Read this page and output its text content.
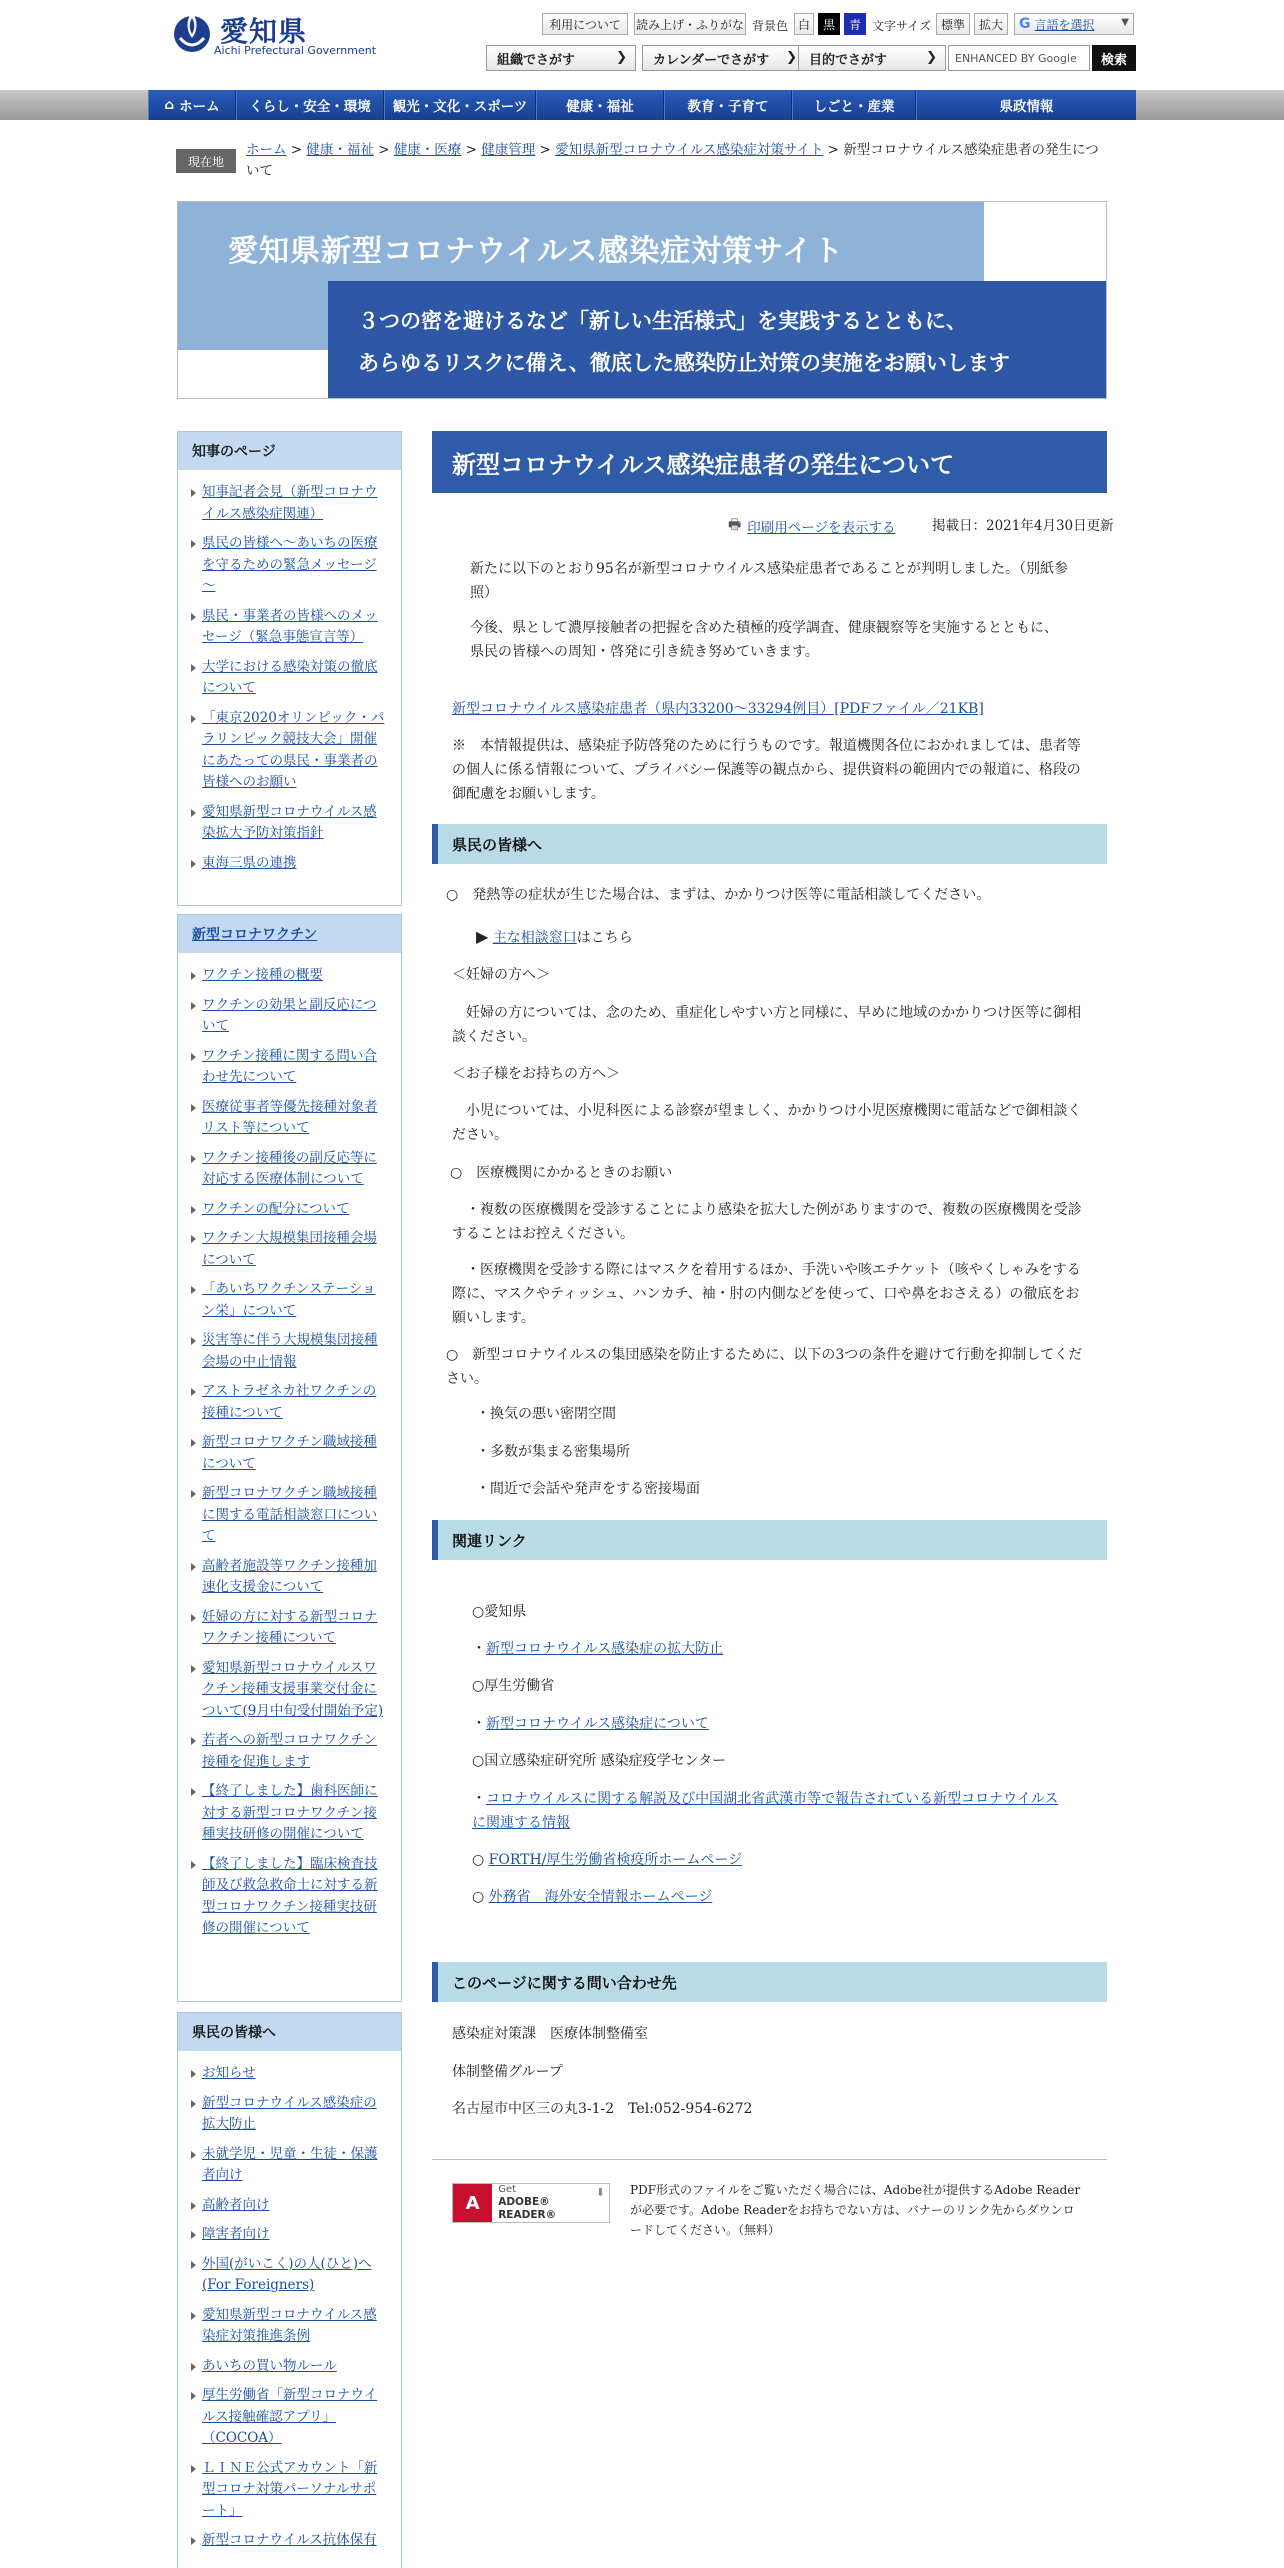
愛知県
Aichi Prefectural Government
利用について	読み上げ・ふりがな 背景色 白	黒	青 文字サイズ 標準	拡大	G 言語を選択	▼
組織でさがす	❯ カレンダーでさがす ❯ 目的でさがす	❯	ENHANCED BY Google	検索
⌂ ホーム	くらし・安全・環境	観光・文化・スポーツ	健康・福祉	教育・子育て	しごと・産業	県政情報
現在地
ホーム > 健康・福祉 > 健康・医療 > 健康管理 > 愛知県新型コロナウイルス感染症対策サイト > 新型コロナウイルス感染症患者の発生について
愛知県新型コロナウイルス感染症対策サイト
３つの密を避けるなど「新しい生活様式」を実践するとともに、
あらゆるリスクに備え、徹底した感染防止対策の実施をお願いします
知事のページ
知事記者会見（新型コロナウイルス感染症関連）
県民の皆様へ～あいちの医療を守るための緊急メッセージ～
県民・事業者の皆様へのメッセージ（緊急事態宣言等）
大学における感染対策の徹底について
「東京2020オリンピック・パラリンピック競技大会」開催にあたっての県民・事業者の皆様へのお願い
愛知県新型コロナウイルス感染拡大予防対策指針
東海三県の連携
新型コロナワクチン
ワクチン接種の概要
ワクチンの効果と副反応について
ワクチン接種に関する問い合わせ先について
医療従事者等優先接種対象者リスト等について
ワクチン接種後の副反応等に対応する医療体制について
ワクチンの配分について
ワクチン大規模集団接種会場について
「あいちワクチンステーション栄」について
災害等に伴う大規模集団接種会場の中止情報
アストラゼネカ社ワクチンの接種について
新型コロナワクチン職域接種について
新型コロナワクチン職域接種に関する電話相談窓口について
高齢者施設等ワクチン接種加速化支援金について
妊婦の方に対する新型コロナワクチン接種について
愛知県新型コロナウイルスワクチン接種支援事業交付金について(9月中旬受付開始予定)
若者への新型コロナワクチン接種を促進します
【終了しました】歯科医師に対する新型コロナワクチン接種実技研修の開催について
【終了しました】臨床検査技師及び救急救命士に対する新型コロナワクチン接種実技研修の開催について
県民の皆様へ
お知らせ
新型コロナウイルス感染症の拡大防止
未就学児・児童・生徒・保護者向け
高齢者向け
障害者向け
外国(がいこく)の人(ひと)へ(For Foreigners)
愛知県新型コロナウイルス感染症対策推進条例
あいちの買い物ルール
厚生労働省「新型コロナウイルス接触確認アプリ」（COCOA）
ＬＩＮＥ公式アカウント「新型コロナ対策パーソナルサポート」
新型コロナウイルス抗体保有
新型コロナウイルス感染症患者の発生について
🖶 印刷用ページを表示する	掲載日：2021年4月30日更新
新たに以下のとおり95名が新型コロナウイルス感染症患者であることが判明しました。（別紙参照）
今後、県として濃厚接触者の把握を含めた積極的疫学調査、健康観察等を実施するとともに、県民の皆様への周知・啓発に引き続き努めていきます。
新型コロナウイルス感染症患者（県内33200～33294例目）[PDFファイル／21KB]
※　本情報提供は、感染症予防啓発のために行うものです。報道機関各位におかれましては、患者等の個人に係る情報について、プライバシー保護等の観点から、提供資料の範囲内での報道に、格段の御配慮をお願いします。
県民の皆様へ
○　発熱等の症状が生じた場合は、まずは、かかりつけ医等に電話相談してください。
▶ 主な相談窓口はこちら
＜妊婦の方へ＞
妊婦の方については、念のため、重症化しやすい方と同様に、早めに地域のかかりつけ医等に御相談ください。
＜お子様をお持ちの方へ＞
小児については、小児科医による診察が望ましく、かかりつけ小児医療機関に電話などで御相談ください。
○　医療機関にかかるときのお願い
・複数の医療機関を受診することにより感染を拡大した例がありますので、複数の医療機関を受診することはお控えください。
・医療機関を受診する際にはマスクを着用するほか、手洗いや咳エチケット（咳やくしゃみをする際に、マスクやティッシュ、ハンカチ、袖・肘の内側などを使って、口や鼻をおさえる）の徹底をお願いします。
○　新型コロナウイルスの集団感染を防止するために、以下の3つの条件を避けて行動を抑制してください。
・換気の悪い密閉空間
・多数が集まる密集場所
・間近で会話や発声をする密接場面
関連リンク
○愛知県
・新型コロナウイルス感染症の拡大防止
○厚生労働省
・新型コロナウイルス感染症について
○国立感染症研究所 感染症疫学センター
・コロナウイルスに関する解説及び中国湖北省武漢市等で報告されている新型コロナウイルスに関連する情報
○ FORTH/厚生労働省検疫所ホームページ
○ 外務省　海外安全情報ホームページ
このページに関する問い合わせ先
感染症対策課　医療体制整備室
体制整備グループ
名古屋市中区三の丸3-1-2　Tel:052-954-6272
A
Get
ADOBE® READER®
⬇ PDF形式のファイルをご覧いただく場合には、Adobe社が提供するAdobe Readerが必要です。Adobe Readerをお持ちでない方は、バナーのリンク先からダウンロードしてください。（無料）
